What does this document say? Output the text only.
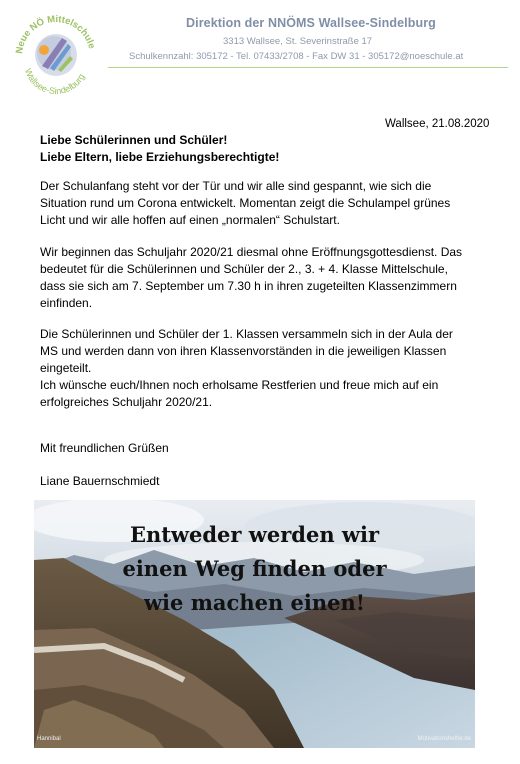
Neue NÖ Mittelschule
Wallsee-Sindelburg
Direktion der NNÖMS Wallsee-Sindelburg
3313 Wallsee, St. Severinstraße 17
Schulkennzahl: 305172 - Tel. 07433/2708 - Fax DW 31 - 305172@noeschule.at
Wallsee, 21.08.2020
Liebe Schülerinnen und Schüler!
Liebe Eltern, liebe Erziehungsberechtigte!
Der Schulanfang steht vor der Tür und wir alle sind gespannt, wie sich die
Situation rund um Corona entwickelt. Momentan zeigt die Schulampel grünes
Licht und wir alle hoffen auf einen „normalen“ Schulstart.
Wir beginnen das Schuljahr 2020/21 diesmal ohne Eröffnungsgottesdienst. Das
bedeutet für die Schülerinnen und Schüler der 2., 3. + 4. Klasse Mittelschule,
dass sie sich am 7. September um 7.30 h in ihren zugeteilten Klassenzimmern
einfinden.
Die Schülerinnen und Schüler der 1. Klassen versammeln sich in der Aula der
MS und werden dann von ihren Klassenvorständen in die jeweiligen Klassen
eingeteilt.
Ich wünsche euch/Ihnen noch erholsame Restferien und freue mich auf ein
erfolgreiches Schuljahr 2020/21.
Mit freundlichen Grüßen
Liane Bauernschmiedt
Entweder werden wir
einen Weg finden oder
wie machen einen!
Hannibal	Motivationshelfer.de
